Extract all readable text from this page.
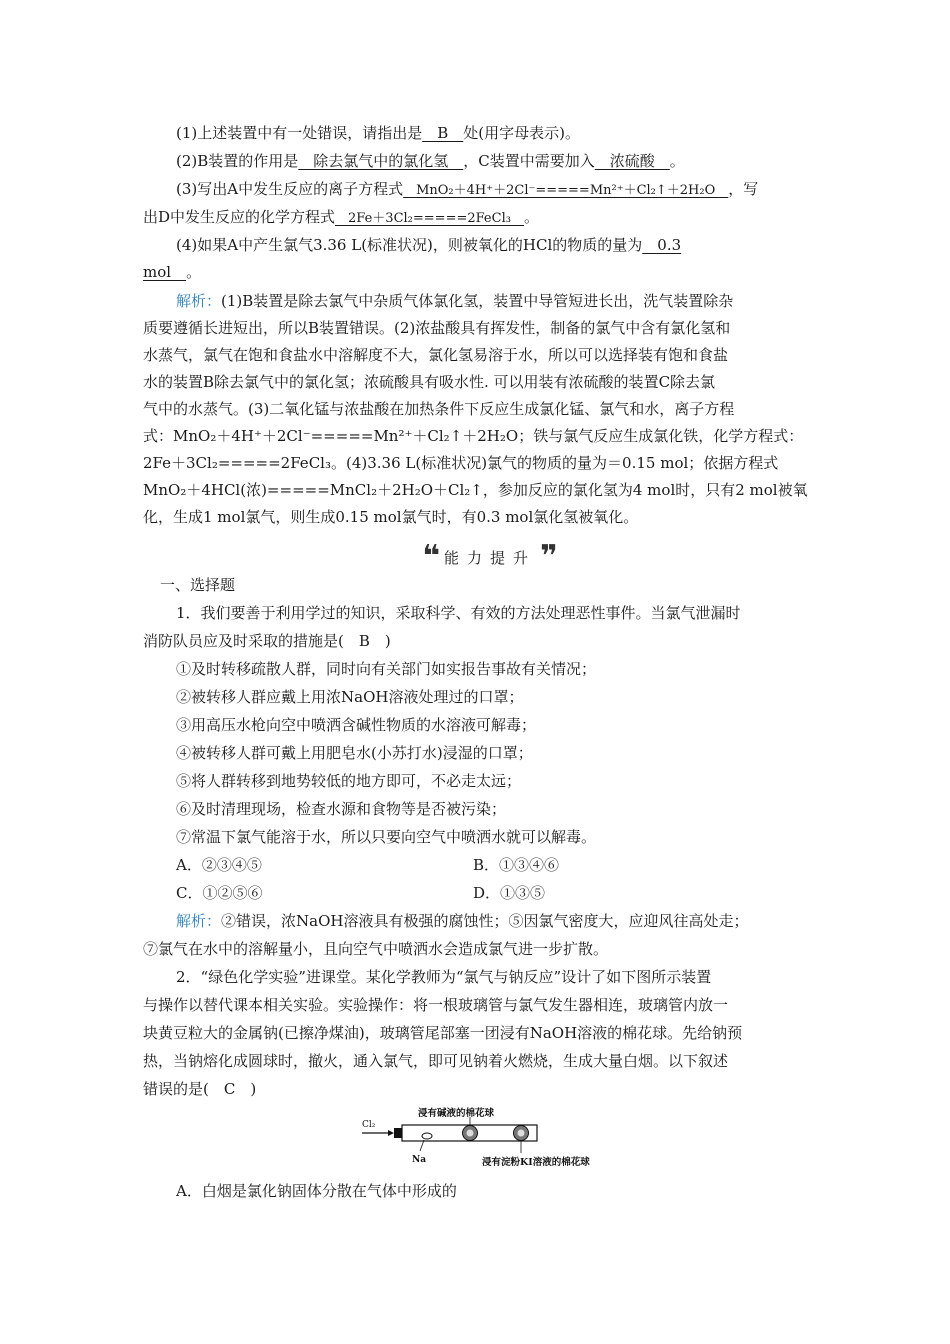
(1)上述装置中有一处错误，请指出是　B　处(用字母表示)。
(2)B装置的作用是　除去氯气中的氯化氢　，C装置中需要加入　浓硫酸　。
(3)写出A中发生反应的离子方程式　MnO₂＋4H⁺＋2Cl⁻=====Mn²⁺＋Cl₂↑＋2H₂O　，写
出D中发生反应的化学方程式　2Fe＋3Cl₂=====2FeCl₃　。
(4)如果A中产生氯气3.36 L(标准状况)，则被氧化的HCl的物质的量为　0.3
mol　。
解析：(1)B装置是除去氯气中杂质气体氯化氢，装置中导管短进长出，洗气装置除杂
质要遵循长进短出，所以B装置错误。(2)浓盐酸具有挥发性，制备的氯气中含有氯化氢和
水蒸气，氯气在饱和食盐水中溶解度不大，氯化氢易溶于水，所以可以选择装有饱和食盐
水的装置B除去氯气中的氯化氢；浓硫酸具有吸水性. 可以用装有浓硫酸的装置C除去氯
气中的水蒸气。(3)二氧化锰与浓盐酸在加热条件下反应生成氯化锰、氯气和水，离子方程
式：MnO₂＋4H⁺＋2Cl⁻=====Mn²⁺＋Cl₂↑＋2H₂O；铁与氯气反应生成氯化铁，化学方程式：
2Fe＋3Cl₂=====2FeCl₃。(4)3.36 L(标准状况)氯气的物质的量为＝0.15 mol；依据方程式
MnO₂＋4HCl(浓)=====MnCl₂＋2H₂O＋Cl₂↑，参加反应的氯化氢为4 mol时，只有2 mol被氧
化，生成1 mol氯气，则生成0.15 mol氯气时，有0.3 mol氯化氢被氧化。
❝ 能力提升 ❞
一、选择题
1．我们要善于利用学过的知识，采取科学、有效的方法处理恶性事件。当氯气泄漏时
消防队员应及时采取的措施是(　B　)
①及时转移疏散人群，同时向有关部门如实报告事故有关情况；
②被转移人群应戴上用浓NaOH溶液处理过的口罩；
③用高压水枪向空中喷洒含碱性物质的水溶液可解毒；
④被转移人群可戴上用肥皂水(小苏打水)浸湿的口罩；
⑤将人群转移到地势较低的地方即可，不必走太远；
⑥及时清理现场，检查水源和食物等是否被污染；
⑦常温下氯气能溶于水，所以只要向空气中喷洒水就可以解毒。
A．②③④⑤	B．①③④⑥
C．①②⑤⑥	D．①③⑤
解析：②错误，浓NaOH溶液具有极强的腐蚀性；⑤因氯气密度大，应迎风往高处走；
⑦氯气在水中的溶解量小，且向空气中喷洒水会造成氯气进一步扩散。
2．“绿色化学实验”进课堂。某化学教师为“氯气与钠反应”设计了如下图所示装置
与操作以替代课本相关实验。实验操作：将一根玻璃管与氯气发生器相连，玻璃管内放一
块黄豆粒大的金属钠(已擦净煤油)，玻璃管尾部塞一团浸有NaOH溶液的棉花球。先给钠预
热，当钠熔化成圆球时，撤火，通入氯气，即可见钠着火燃烧，生成大量白烟。以下叙述
错误的是(　C　)
Cl₂
Na
浸有碱液的棉花球
浸有淀粉KI溶液的棉花球
A．白烟是氯化钠固体分散在气体中形成的
